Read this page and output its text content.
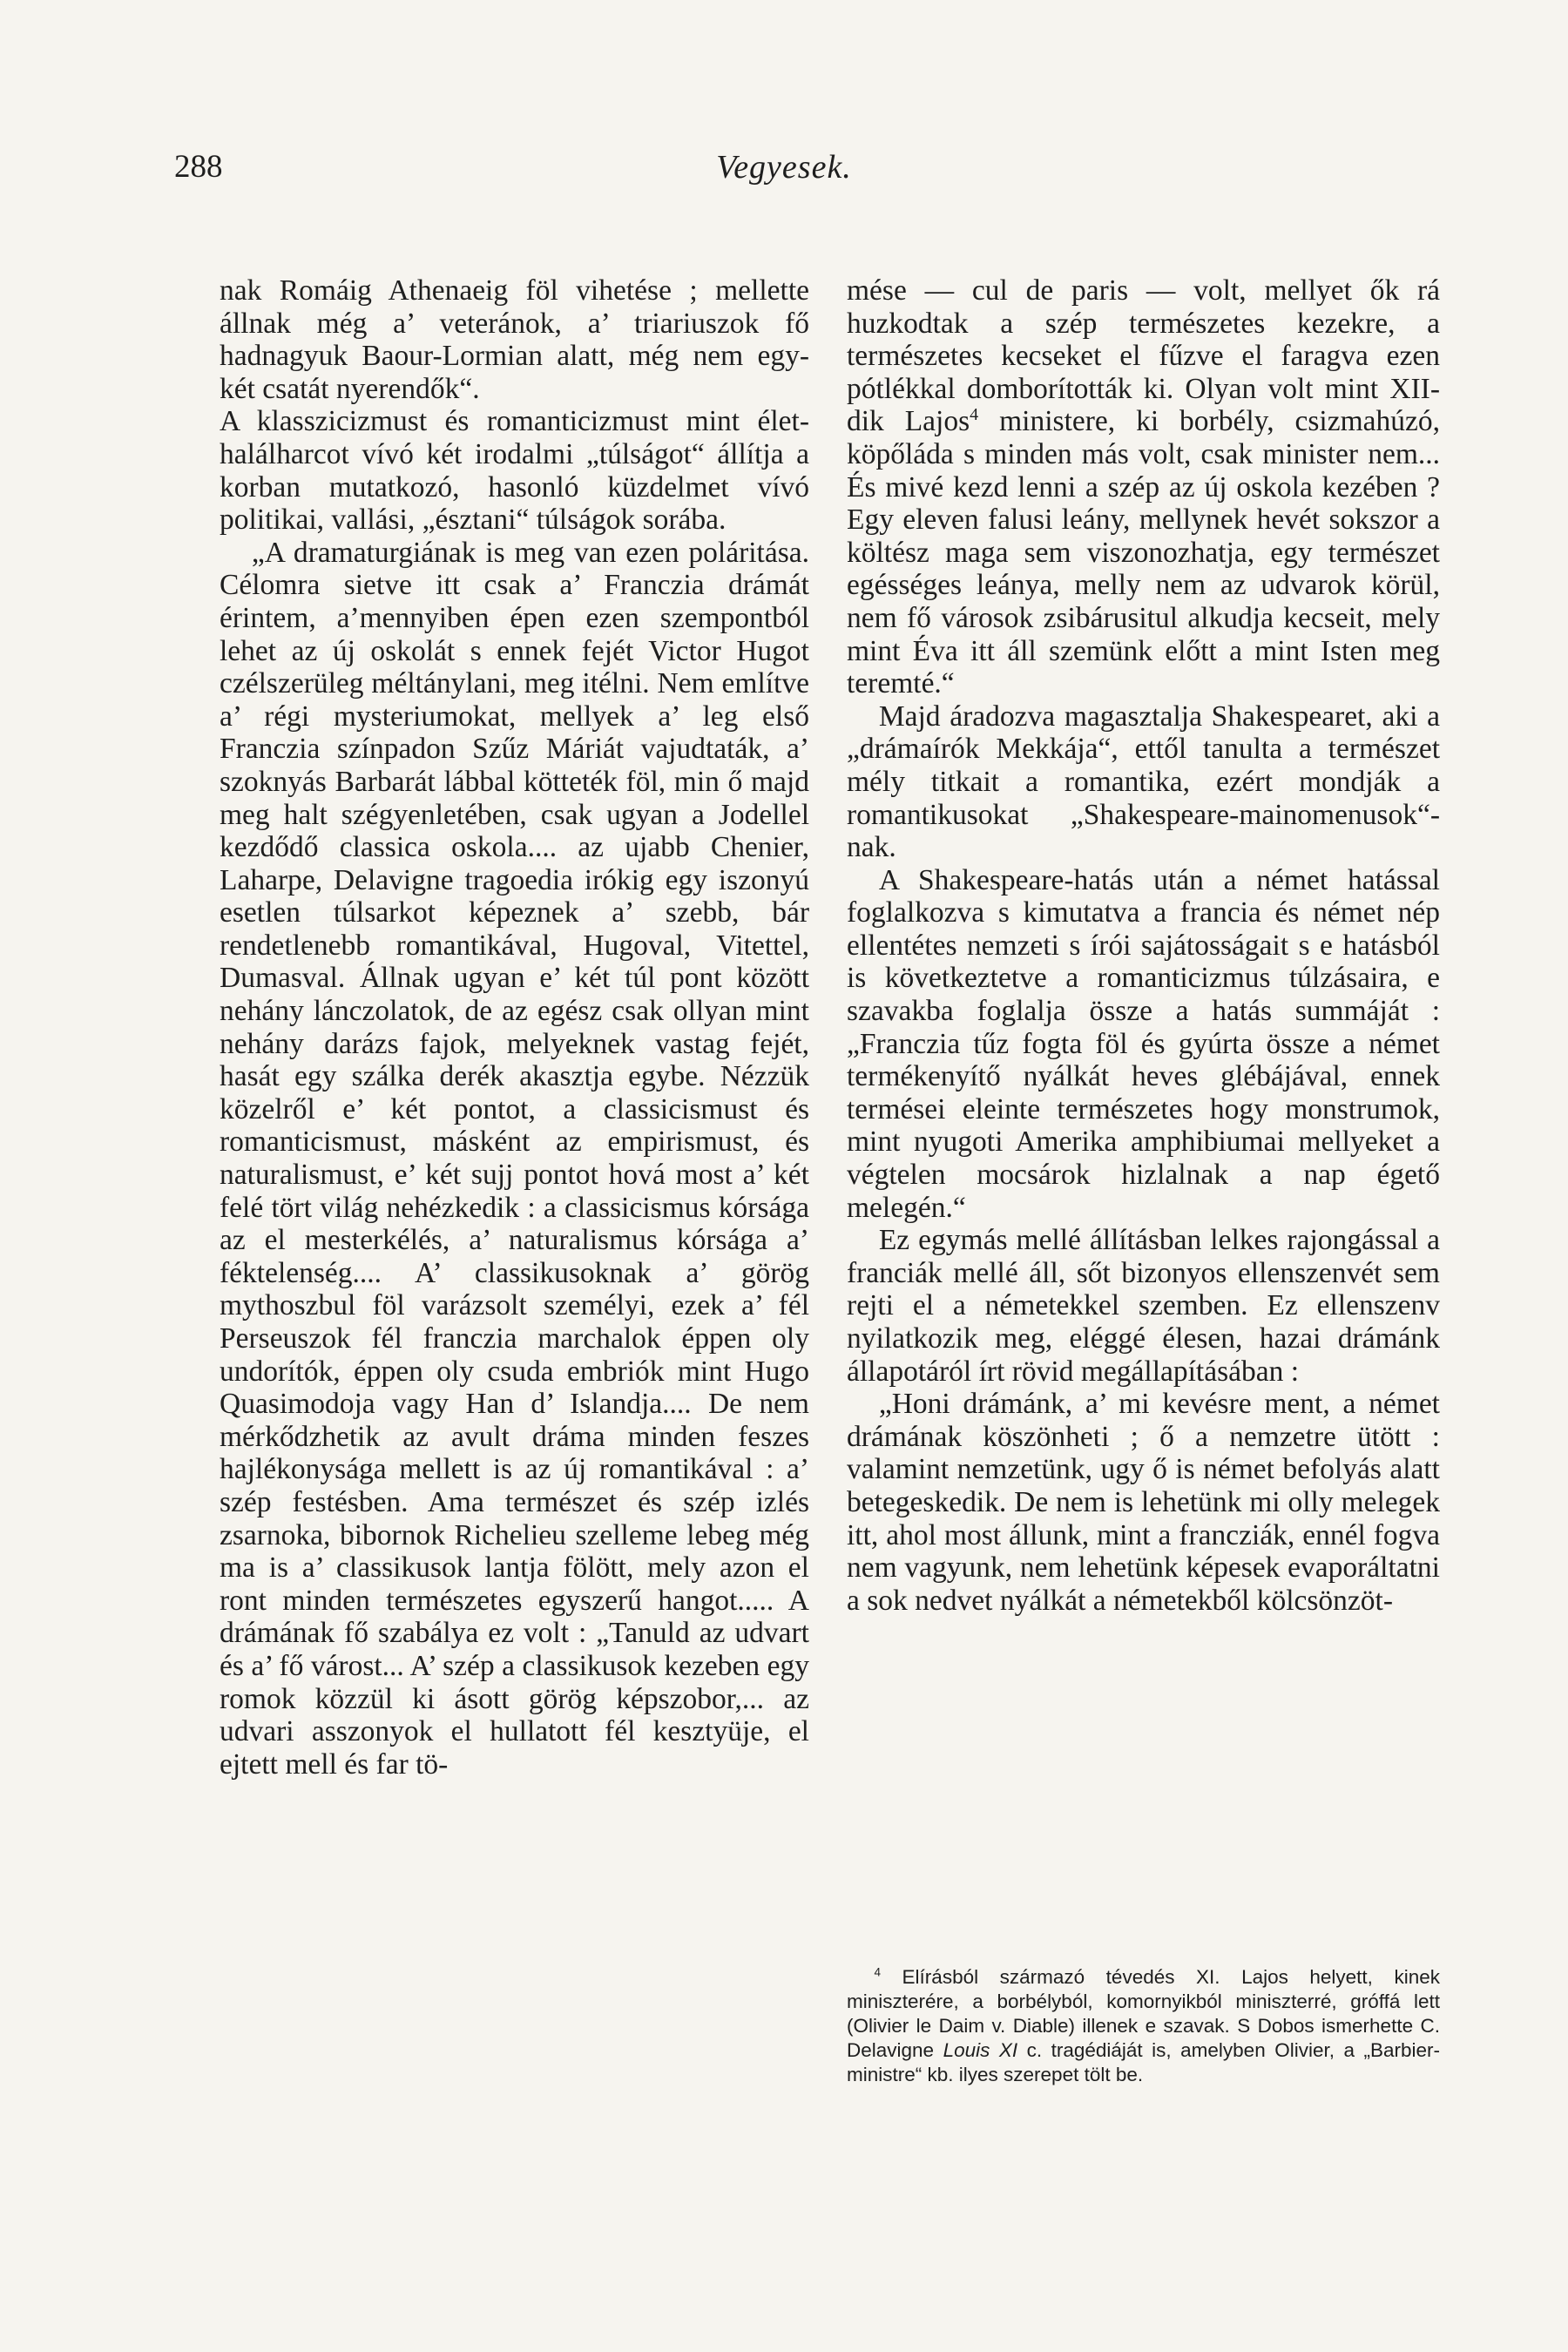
288	Vegyesek.

nak Romáig Athenaeig föl vihetése ; mellette állnak még a’ veteránok, a’ triariuszok fő hadnagyuk Baour-Lormian alatt, még nem egy-két csatát nyerendők“.

A klasszicizmust és romanticizmust mint élet-halálharcot vívó két irodalmi „túlságot“ állítja a korban mutatkozó, hasonló küzdelmet vívó politikai, vallási, „észtani“ túlságok sorába.

„A dramaturgiának is meg van ezen poláritása. Célomra sietve itt csak a’ Franczia drámát érintem, a’mennyiben épen ezen szempontból lehet az új oskolát s ennek fejét Victor Hugot czélszerüleg méltánylani, meg itélni. Nem említve a’ régi mysteriumokat, mellyek a’ leg első Franczia színpadon Szűz Máriát vajudtaták, a’ szoknyás Barbarát lábbal kötteték föl, min ő majd meg halt szégyenletében, csak ugyan a Jodellel kezdődő classica oskola.... az ujabb Chenier, Laharpe, Delavigne tragoedia irókig egy iszonyú esetlen túlsarkot képeznek a’ szebb, bár rendetlenebb romantikával, Hugoval, Vitettel, Dumasval. Állnak ugyan e’ két túl pont között nehány lánczolatok, de az egész csak ollyan mint nehány darázs fajok, melyeknek vastag fejét, hasát egy szálka derék akasztja egybe. Nézzük közelről e’ két pontot, a classicismust és romanticismust, másként az empirismust, és naturalismust, e’ két sujj pontot hová most a’ két felé tört világ nehézkedik : a classicismus kórsága az el mesterkélés, a’ naturalismus kórsága a’ féktelenség.... A’ classikusoknak a’ görög mythoszbul föl varázsolt személyi, ezek a’ fél Perseuszok fél franczia marchalok éppen oly undorítók, éppen oly csuda embriók mint Hugo Quasimodoja vagy Han d’ Islandja.... De nem mérkődzhetik az avult dráma minden feszes hajlékonysága mellett is az új romantikával : a’ szép festésben. Ama természet és szép izlés zsarnoka, bibornok Richelieu szelleme lebeg még ma is a’ classikusok lantja fölött, mely azon el ront minden természetes egyszerű hangot..... A drámának fő szabálya ez volt : „Tanuld az udvart és a’ fő várost... A’ szép a classikusok kezeben egy romok közzül ki ásott görög képszobor,... az udvari asszonyok el hullatott fél kesztyüje, el ejtett mell és far tö-

mése — cul de paris — volt, mellyet ők rá huzkodtak a szép természetes kezekre, a természetes kecseket el fűzve el faragva ezen pótlékkal domborították ki. Olyan volt mint XII-dik Lajos$^4$ ministere, ki borbély, csizmahúzó, köpőláda s minden más volt, csak minister nem... És mivé kezd lenni a szép az új oskola kezében ? Egy eleven falusi leány, mellynek hevét sokszor a költész maga sem viszonozhatja, egy természet egésséges leánya, melly nem az udvarok körül, nem fő városok zsibárusitul alkudja kecseit, mely mint Éva itt áll szemünk előtt a mint Isten meg teremté.“

Majd áradozva magasztalja Shakespearet, aki a „drámaírók Mekkája“, ettől tanulta a természet mély titkait a romantika, ezért mondják a romantikusokat „Shakespeare-mainomenusok“-nak.

A Shakespeare-hatás után a német hatással foglalkozva s kimutatva a francia és német nép ellentétes nemzeti s írói sajátosságait s e hatásból is következtetve a romanticizmus túlzásaira, e szavakba foglalja össze a hatás summáját : „Franczia tűz fogta föl és gyúrta össze a német termékenyítő nyálkát heves glébájával, ennek termései eleinte természetes hogy monstrumok, mint nyugoti Amerika amphibiumai mellyeket a végtelen mocsárok hizlalnak a nap égető melegén.“

Ez egymás mellé állításban lelkes rajongással a franciák mellé áll, sőt bizonyos ellenszenvét sem rejti el a németekkel szemben. Ez ellenszenv nyilatkozik meg, eléggé élesen, hazai drámánk állapotáról írt rövid megállapításában :

„Honi drámánk, a’ mi kevésre ment, a német drámának köszönheti ; ő a nemzetre ütött : valamint nemzetünk, ugy ő is német befolyás alatt betegeskedik. De nem is lehetünk mi olly melegek itt, ahol most állunk, mint a francziák, ennél fogva nem vagyunk, nem lehetünk képesek evaporáltatni a sok nedvet nyálkát a németekből kölcsönzöt-

$^4$ Elírásból származó tévedés XI. Lajos helyett, kinek miniszterére, a borbélyból, komornyikból miniszterré, gróffá lett (Olivier le Daim v. Diable) illenek e szavak. S Dobos ismerhette C. Delavigne Louis XI c. tragédiáját is, amelyben Olivier, a „Barbier-ministre“ kb. ilyes szerepet tölt be.
